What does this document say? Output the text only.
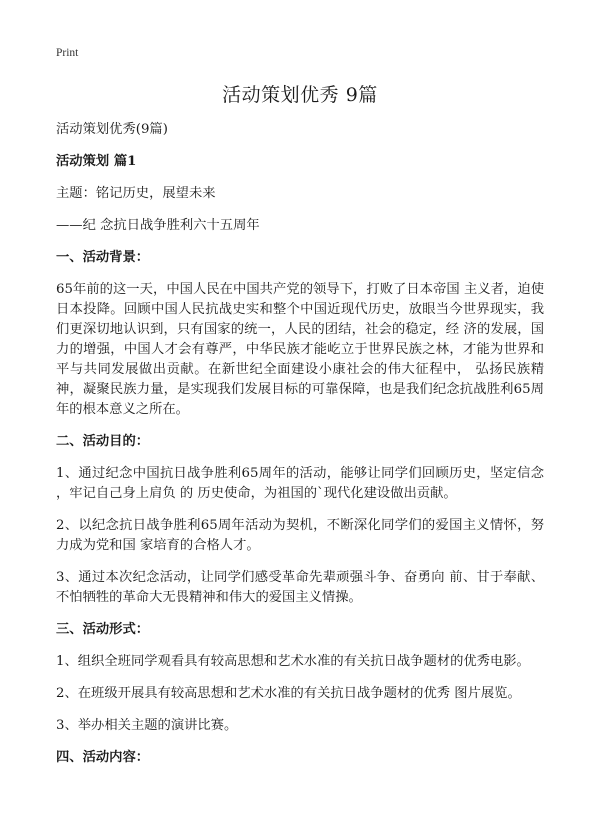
Print
活动策划优秀 9篇

活动策划优秀(9篇)

活动策划 篇1

主题：铭记历史，展望未来

——纪 念抗日战争胜利六十五周年

一、活动背景：

65年前的这一天，中国人民在中国共产党的领导下，打败了日本帝国 主义者，迫使日本投降。回顾中国人民抗战史实和整个中国近现代历史，放眼当今世界现实，我们更深切地认识到，只有国家的统一，人民的团结，社会的稳定，经 济的发展，国力的增强，中国人才会有尊严，中华民族才能屹立于世界民族之林，才能为世界和平与共同发展做出贡献。在新世纪全面建设小康社会的伟大征程中， 弘扬民族精神，凝聚民族力量，是实现我们发展目标的可靠保障，也是我们纪念抗战胜利65周年的根本意义之所在。

二、活动目的：

1、通过纪念中国抗日战争胜利65周年的活动，能够让同学们回顾历史，坚定信念 ，牢记自己身上肩负 的 历史使命，为祖国的`现代化建设做出贡献。

2、以纪念抗日战争胜利65周年活动为契机，不断深化同学们的爱国主义情怀，努力成为党和国 家培育的合格人才。

3、通过本次纪念活动，让同学们感受革命先辈顽强斗争、奋勇向 前、甘于奉献、不怕牺牲的革命大无畏精神和伟大的爱国主义情操。

三、活动形式：

1、组织全班同学观看具有较高思想和艺术水准的有关抗日战争题材的优秀电影。

2、在班级开展具有较高思想和艺术水准的有关抗日战争题材的优秀 图片展览。

3、举办相关主题的演讲比赛。

四、活动内容：
